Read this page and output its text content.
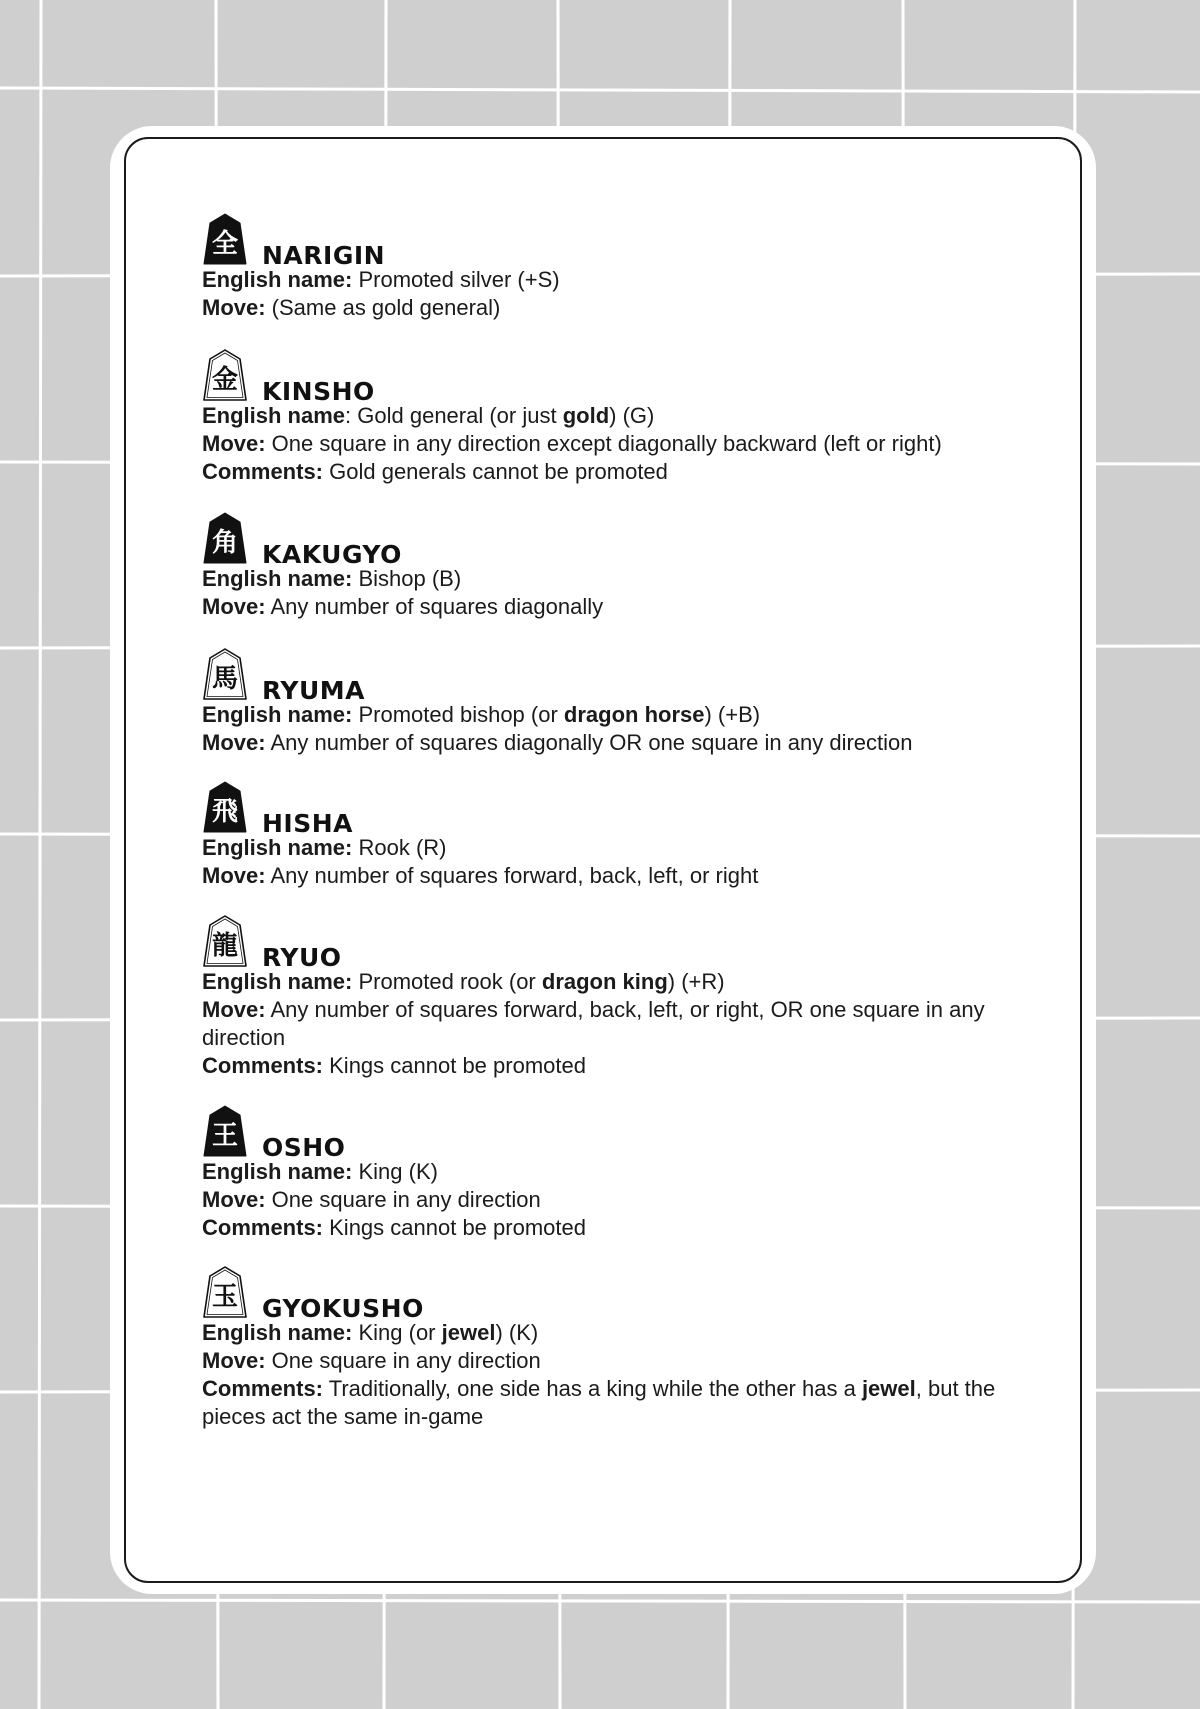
全 NARIGIN

English name: Promoted silver (+S)

Move: (Same as gold general)

金 KINSHO

English name: Gold general (or just gold) (G)

Move: One square in any direction except diagonally backward (left or right)

Comments: Gold generals cannot be promoted

角 KAKUGYO

English name: Bishop (B)

Move: Any number of squares diagonally

馬 RYUMA

English name: Promoted bishop (or dragon horse) (+B)

Move: Any number of squares diagonally OR one square in any direction

飛 HISHA

English name: Rook (R)

Move: Any number of squares forward, back, left, or right

龍 RYUO

English name: Promoted rook (or dragon king) (+R)

Move: Any number of squares forward, back, left, or right, OR one square in any direction

Comments: Kings cannot be promoted

王 OSHO

English name: King (K)

Move: One square in any direction

Comments: Kings cannot be promoted

玉 GYOKUSHO

English name: King (or jewel) (K)

Move: One square in any direction

Comments: Traditionally, one side has a king while the other has a jewel, but the pieces act the same in-game
